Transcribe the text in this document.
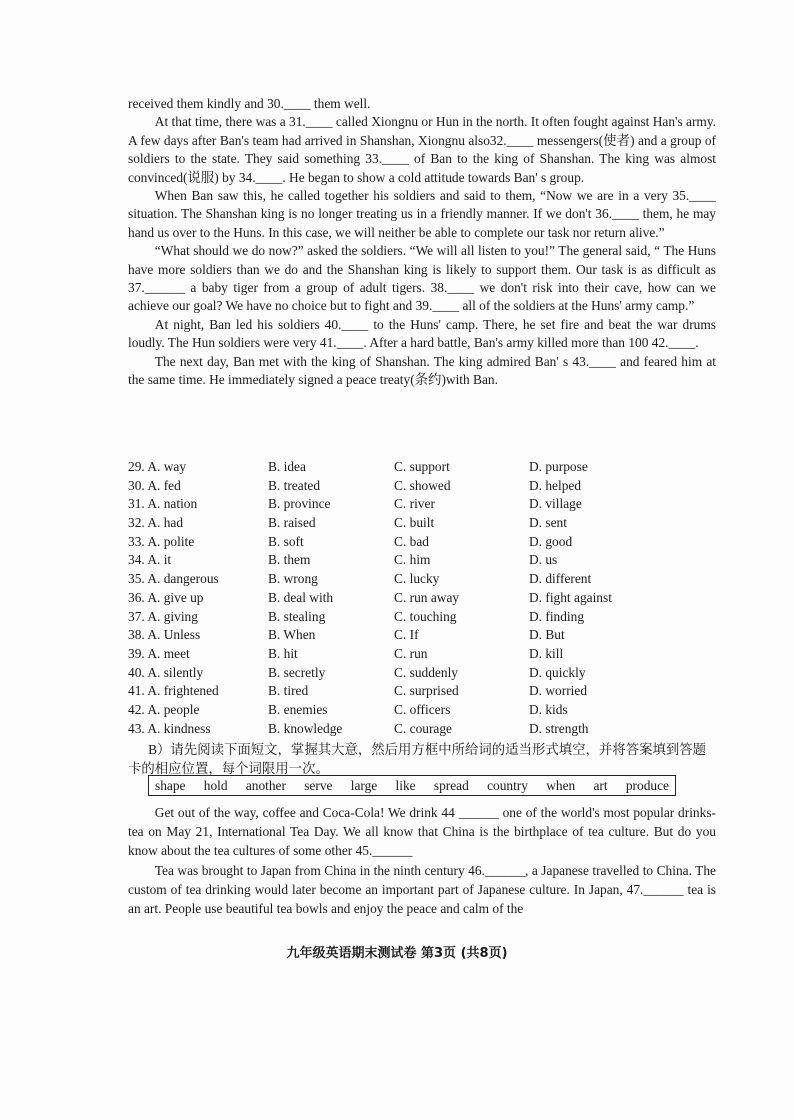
received them kindly and 30.____ them well.

At that time, there was a 31.____ called Xiongnu or Hun in the north. It often fought against Han's army. A few days after Ban's team had arrived in Shanshan, Xiongnu also32.____ messengers(使者) and a group of soldiers to the state. They said something 33.____ of Ban to the king of Shanshan. The king was almost convinced(说服) by 34.____. He began to show a cold attitude towards Ban' s group.

When Ban saw this, he called together his soldiers and said to them, “Now we are in a very 35.____ situation. The Shanshan king is no longer treating us in a friendly manner. If we don't 36.____ them, he may hand us over to the Huns. In this case, we will neither be able to complete our task nor return alive.”

“What should we do now?” asked the soldiers. “We will all listen to you!” The general said, “ The Huns have more soldiers than we do and the Shanshan king is likely to support them. Our task is as difficult as 37.______ a baby tiger from a group of adult tigers. 38.____ we don't risk into their cave, how can we achieve our goal? We have no choice but to fight and 39.____ all of the soldiers at the Huns' army camp.”

At night, Ban led his soldiers 40.____ to the Huns' camp. There, he set fire and beat the war drums loudly. The Hun soldiers were very 41.____. After a hard battle, Ban's army killed more than 100 42.____.

The next day, Ban met with the king of Shanshan. The king admired Ban' s 43.____ and feared him at the same time. He immediately signed a peace treaty(条约)with Ban.

29. A. way	B. idea	C. support	D. purpose
30. A. fed	B. treated	C. showed	D. helped
31. A. nation	B. province	C. river	D. village
32. A. had	B. raised	C. built	D. sent
33. A. polite	B. soft	C. bad	D. good
34. A. it	B. them	C. him	D. us
35. A. dangerous	B. wrong	C. lucky	D. different
36. A. give up	B. deal with	C. run away	D. fight against
37. A. giving	B. stealing	C. touching	D. finding
38. A. Unless	B. When	C. If	D. But
39. A. meet	B. hit	C. run	D. kill
40. A. silently	B. secretly	C. suddenly	D. quickly
41. A. frightened	B. tired	C. surprised	D. worried
42. A. people	B. enemies	C. officers	D. kids
43. A. kindness	B. knowledge	C. courage	D. strength

B）请先阅读下面短文，掌握其大意，然后用方框中所给词的适当形式填空，并将答案填到答题卡的相应位置，每个词限用一次。

shape hold another serve large like spread country when art produce

Get out of the way, coffee and Coca-Cola! We drink 44 ______ one of the world's most popular drinks-tea on May 21, International Tea Day. We all know that China is the birthplace of tea culture. But do you know about the tea cultures of some other 45.______

Tea was brought to Japan from China in the ninth century 46.______, a Japanese travelled to China. The custom of tea drinking would later become an important part of Japanese culture. In Japan, 47.______ tea is an art. People use beautiful tea bowls and enjoy the peace and calm of the

九年级英语期末测试卷 第3页 (共8页)
